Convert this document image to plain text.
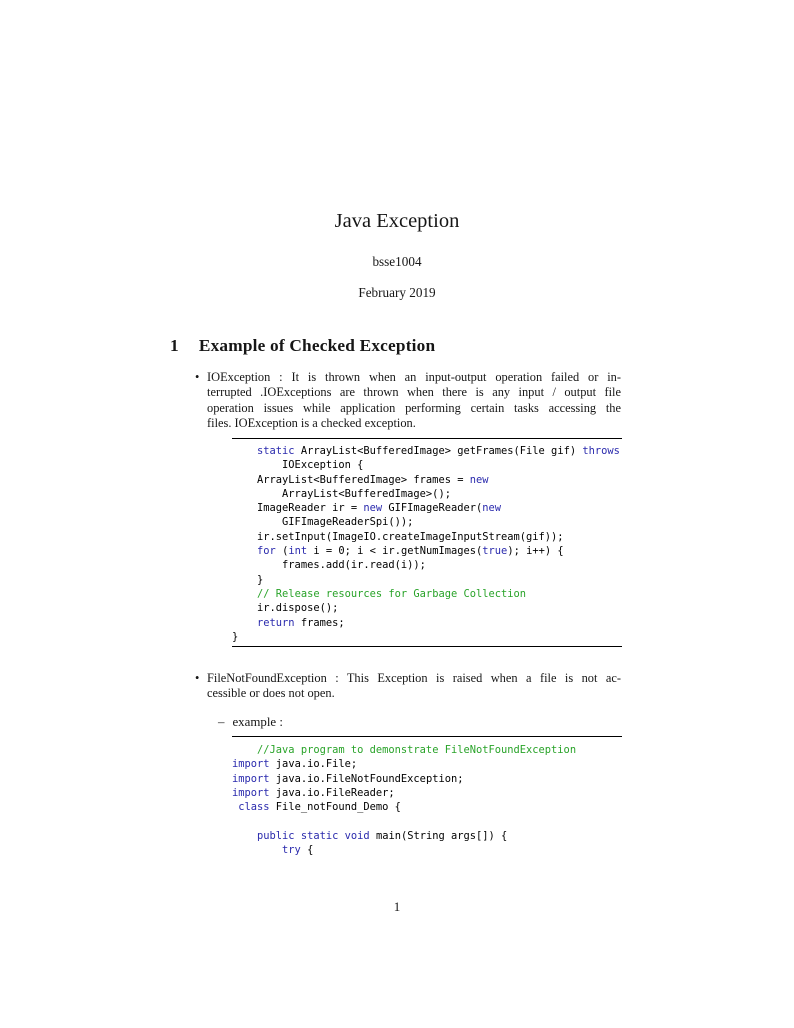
Java Exception
bsse1004
February 2019
1 Example of Checked Exception
• IOException : It is thrown when an input-output operation failed or in-
terrupted .IOExceptions are thrown when there is any input / output file
operation issues while application performing certain tasks accessing the
files. IOException is a checked exception.
static ArrayList<BufferedImage> getFrames(File gif) throws
IOException {
ArrayList<BufferedImage> frames = new
ArrayList<BufferedImage>();
ImageReader ir = new GIFImageReader(new
GIFImageReaderSpi());
ir.setInput(ImageIO.createImageInputStream(gif));
for (int i = 0; i < ir.getNumImages(true); i++) {
frames.add(ir.read(i));
}
// Release resources for Garbage Collection
ir.dispose();
return frames;
}
• FileNotFoundException : This Exception is raised when a file is not ac-
cessible or does not open.
– example :
//Java program to demonstrate FileNotFoundException
import java.io.File;
import java.io.FileNotFoundException;
import java.io.FileReader;
class File_notFound_Demo {

public static void main(String args[]) {
try {
1
